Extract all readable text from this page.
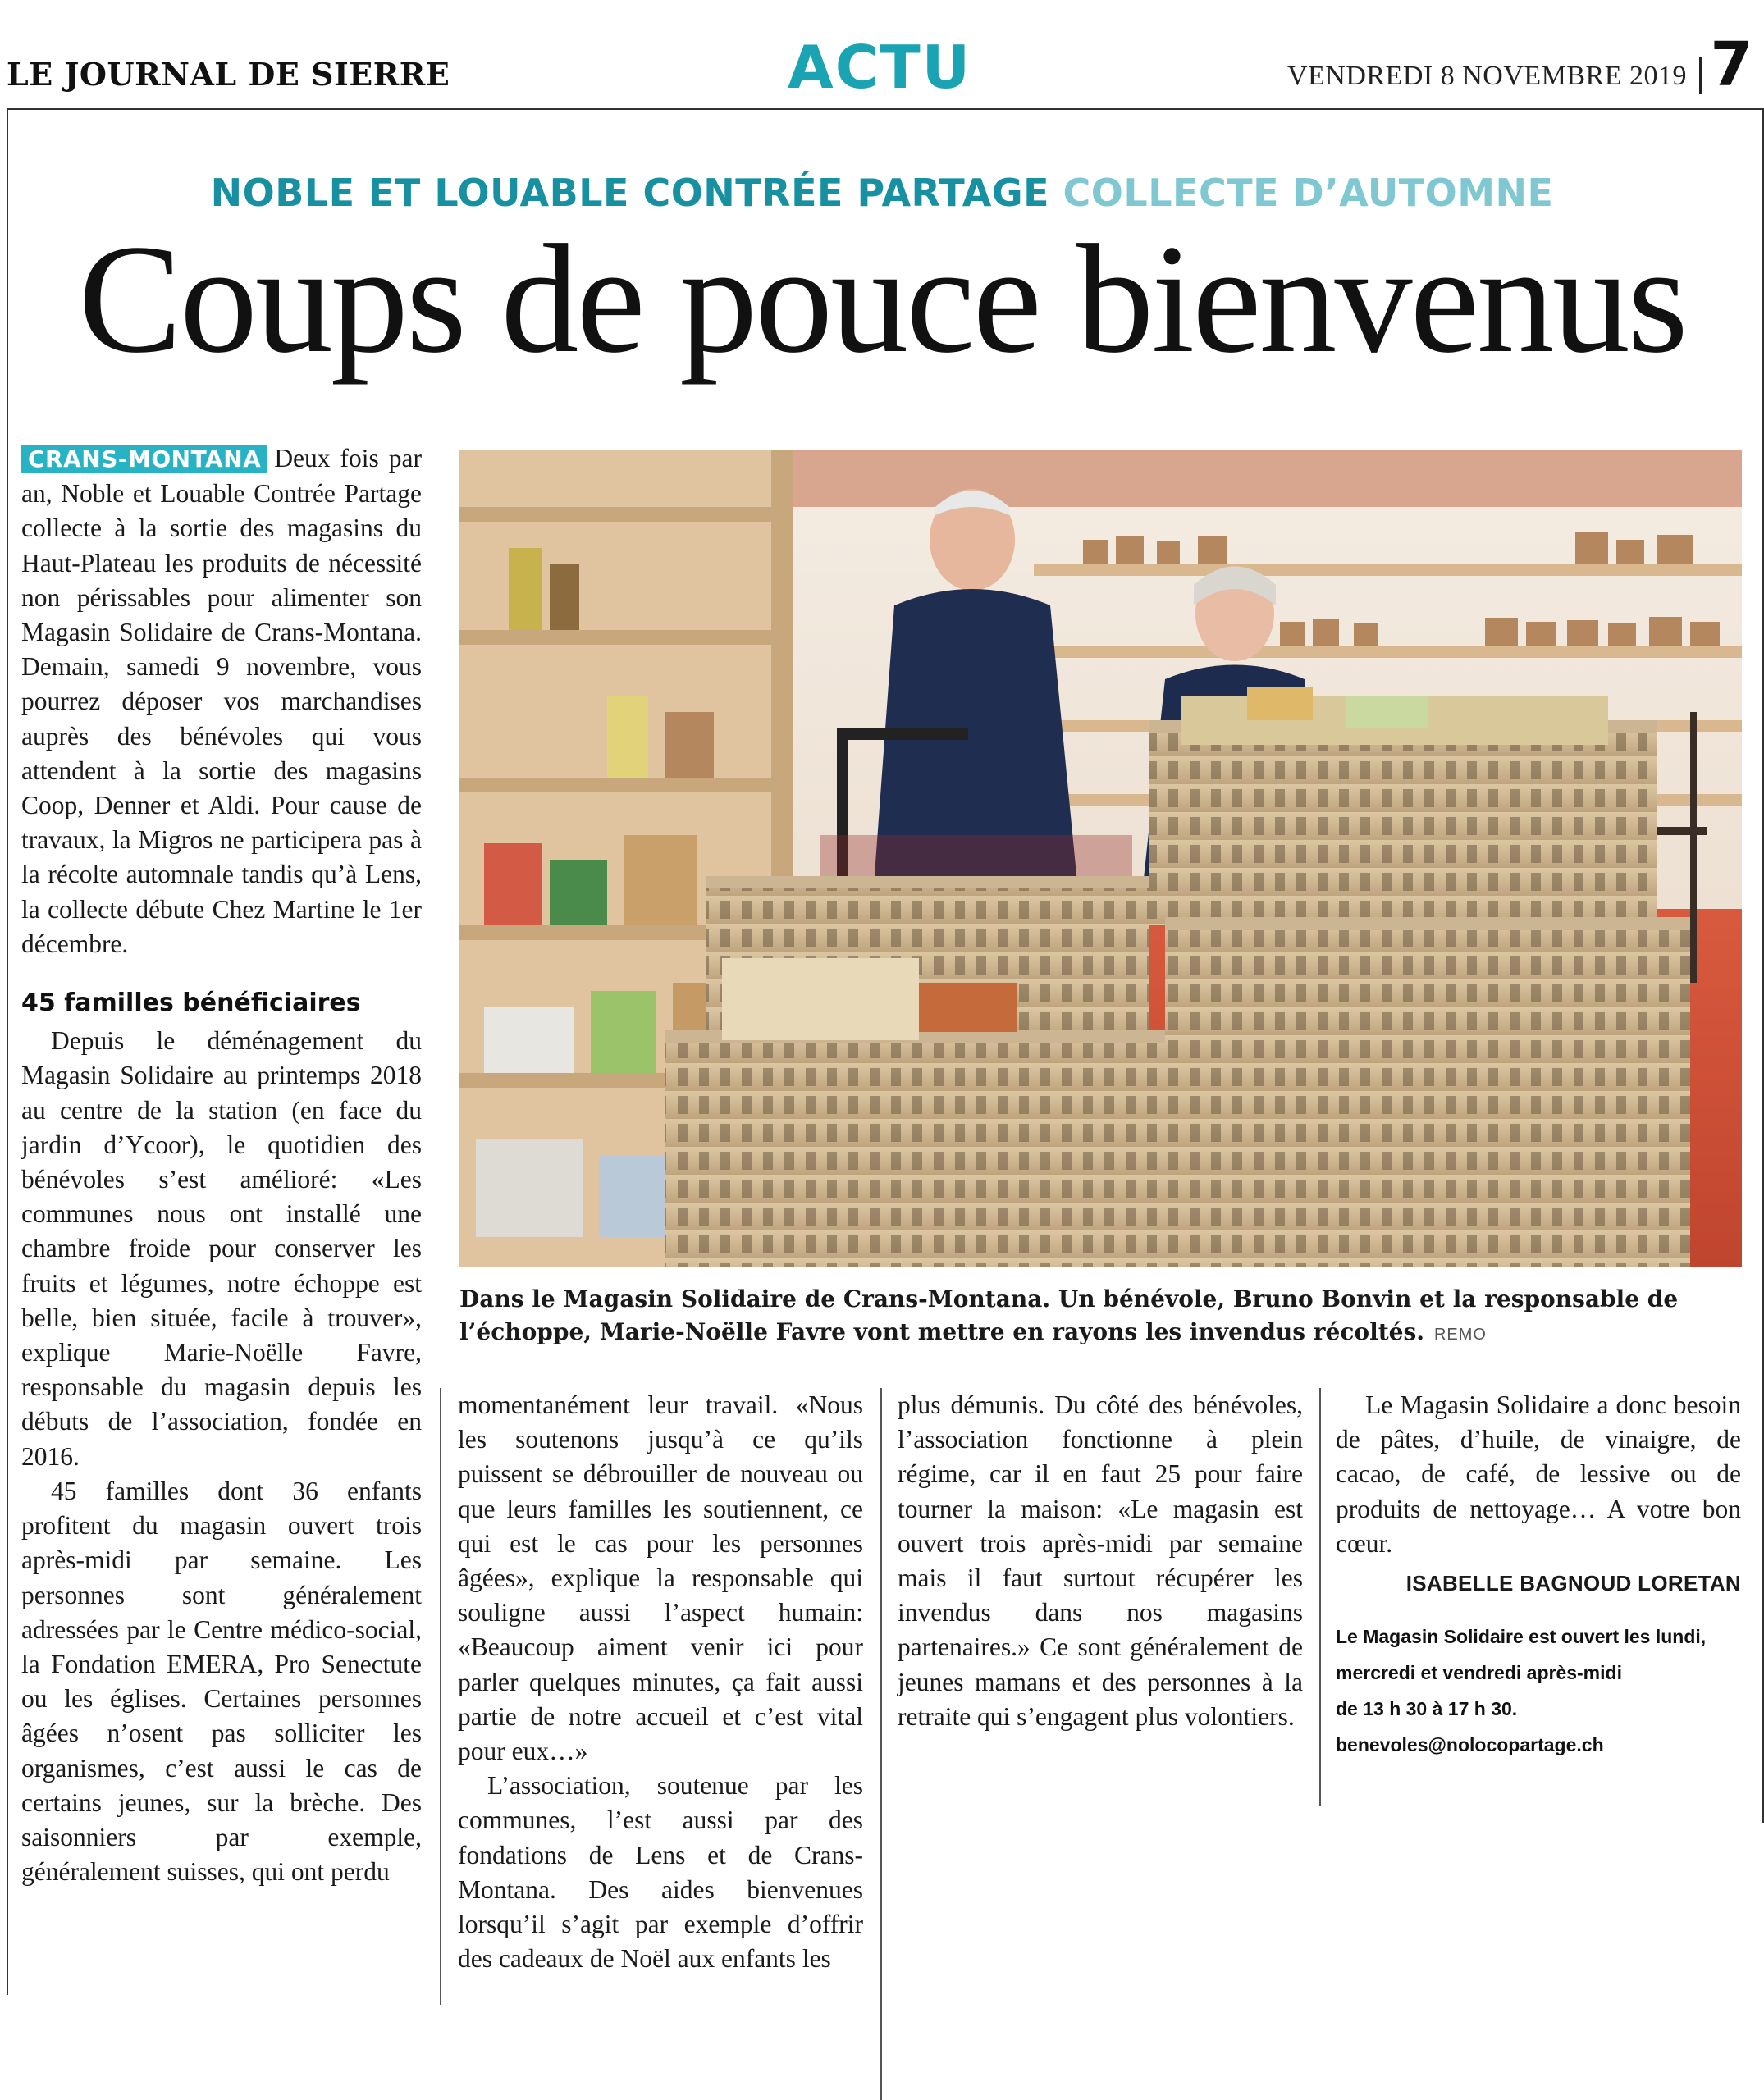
LE JOURNAL DE SIERRE	ACTU	VENDREDI 8 NOVEMBRE 2019 7
NOBLE ET LOUABLE CONTRÉE PARTAGE COLLECTE D’AUTOMNE
Coups de pouce bienvenus

CRANS-MONTANA Deux fois par an, Noble et Louable Contrée Partage collecte à la sortie des magasins du Haut-Plateau les produits de nécessité non périssables pour alimenter son Magasin Solidaire de Crans-Montana. Demain, samedi 9 novembre, vous pourrez déposer vos marchandises auprès des bénévoles qui vous attendent à la sortie des magasins Coop, Denner et Aldi. Pour cause de travaux, la Migros ne participera pas à la récolte automnale tandis qu’à Lens, la collecte débute Chez Martine le 1er décembre.

45 familles bénéficiaires

Depuis le déménagement du Magasin Solidaire au printemps 2018 au centre de la station (en face du jardin d’Ycoor), le quotidien des bénévoles s’est amélioré: «Les communes nous ont installé une chambre froide pour conserver les fruits et légumes, notre échoppe est belle, bien située, facile à trouver», explique Marie-Noëlle Favre, responsable du magasin depuis les débuts de l’association, fondée en 2016.

45 familles dont 36 enfants profitent du magasin ouvert trois après-midi par semaine. Les personnes sont généralement adressées par le Centre médico-social, la Fondation EMERA, Pro Senectute ou les églises. Certaines personnes âgées n’osent pas solliciter les organismes, c’est aussi le cas de certains jeunes, sur la brèche. Des saisonniers par exemple, généralement suisses, qui ont perdu

Dans le Magasin Solidaire de Crans-Montana. Un bénévole, Bruno Bonvin et la responsable de l’échoppe, Marie-Noëlle Favre vont mettre en rayons les invendus récoltés. REMO

momentanément leur travail. «Nous les soutenons jusqu’à ce qu’ils puissent se débrouiller de nouveau ou que leurs familles les soutiennent, ce qui est le cas pour les personnes âgées», explique la responsable qui souligne aussi l’aspect humain: «Beaucoup aiment venir ici pour parler quelques minutes, ça fait aussi partie de notre accueil et c’est vital pour eux…»

L’association, soutenue par les communes, l’est aussi par des fondations de Lens et de Crans-Montana. Des aides bienvenues lorsqu’il s’agit par exemple d’offrir des cadeaux de Noël aux enfants les

plus démunis. Du côté des bénévoles, l’association fonctionne à plein régime, car il en faut 25 pour faire tourner la maison: «Le magasin est ouvert trois après-midi par semaine mais il faut surtout récupérer les invendus dans nos magasins partenaires.» Ce sont généralement de jeunes mamans et des personnes à la retraite qui s’engagent plus volontiers.

Le Magasin Solidaire a donc besoin de pâtes, d’huile, de vinaigre, de cacao, de café, de lessive ou de produits de nettoyage… A votre bon cœur.

ISABELLE BAGNOUD LORETAN
Le Magasin Solidaire est ouvert les lundi,
mercredi et vendredi après-midi
de 13 h 30 à 17 h 30.
benevoles@nolocopartage.ch
